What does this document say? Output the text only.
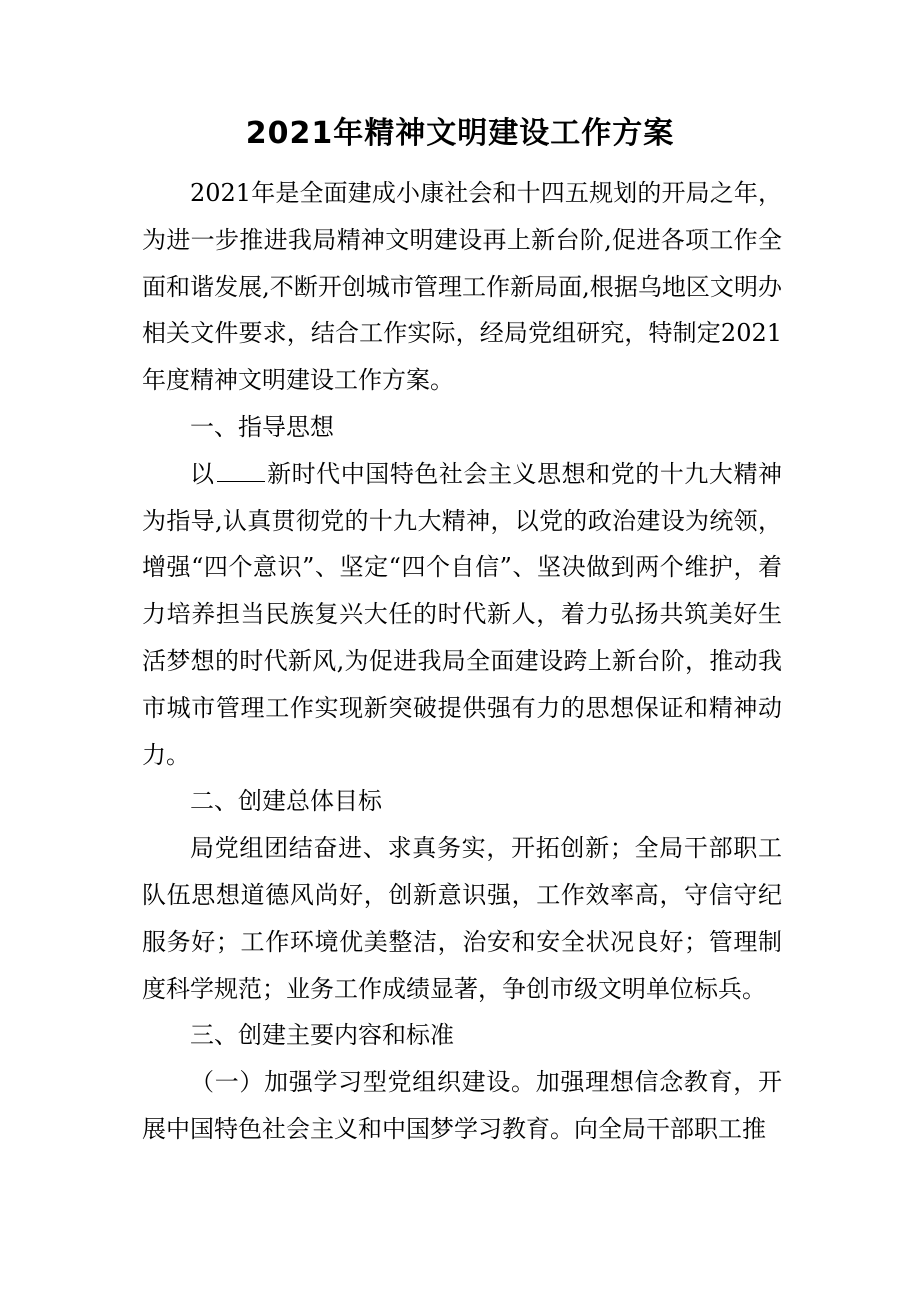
2021年精神文明建设工作方案

2021年是全面建成小康社会和十四五规划的开局之年，为进一步推进我局精神文明建设再上新台阶,促进各项工作全面和谐发展,不断开创城市管理工作新局面,根据乌地区文明办相关文件要求，结合工作实际，经局党组研究，特制定2021年度精神文明建设工作方案。

一、指导思想

以 新时代中国特色社会主义思想和党的十九大精神为指导,认真贯彻党的十九大精神，以党的政治建设为统领，增强“四个意识”、坚定“四个自信”、坚决做到两个维护，着力培养担当民族复兴大任的时代新人，着力弘扬共筑美好生活梦想的时代新风,为促进我局全面建设跨上新台阶，推动我市城市管理工作实现新突破提供强有力的思想保证和精神动力。

二、创建总体目标

局党组团结奋进、求真务实，开拓创新；全局干部职工队伍思想道德风尚好，创新意识强，工作效率高，守信守纪服务好；工作环境优美整洁，治安和安全状况良好；管理制度科学规范；业务工作成绩显著，争创市级文明单位标兵。

三、创建主要内容和标准

（一）加强学习型党组织建设。加强理想信念教育，开展中国特色社会主义和中国梦学习教育。向全局干部职工推
